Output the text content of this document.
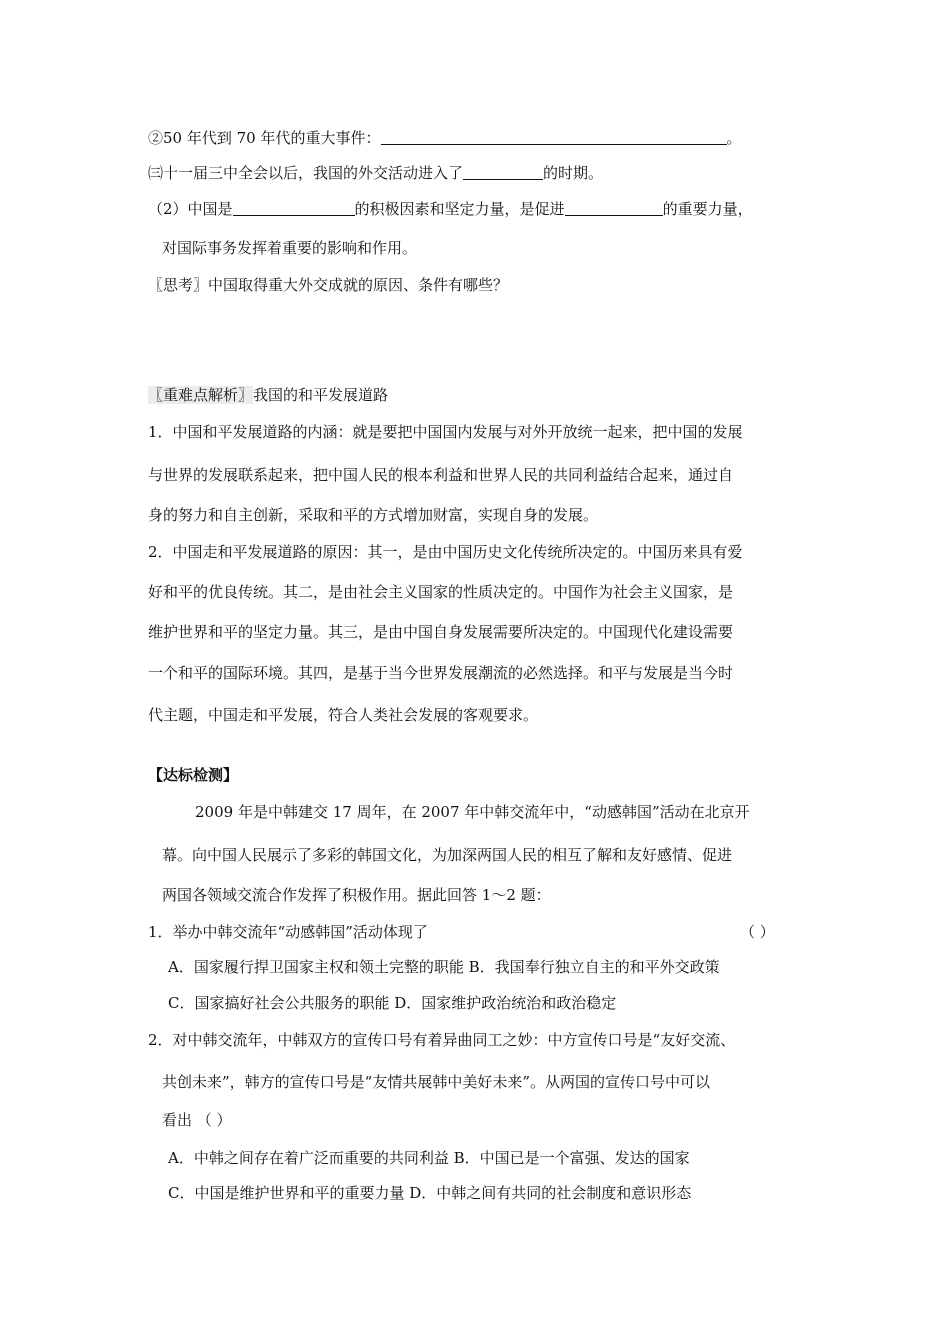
②50 年代到 70 年代的重大事件：	。
㈢十一届三中全会以后，我国的外交活动进入了	的时期。
（2）中国是	的积极因素和坚定力量，是促进	的重要力量，
对国际事务发挥着重要的影响和作用。
〖思考〗中国取得重大外交成就的原因、条件有哪些？
〖重难点解析〗我国的和平发展道路
1．中国和平发展道路的内涵：就是要把中国国内发展与对外开放统一起来，把中国的发展
与世界的发展联系起来，把中国人民的根本利益和世界人民的共同利益结合起来，通过自
身的努力和自主创新，采取和平的方式增加财富，实现自身的发展。
2．中国走和平发展道路的原因：其一，是由中国历史文化传统所决定的。中国历来具有爱
好和平的优良传统。其二，是由社会主义国家的性质决定的。中国作为社会主义国家，是
维护世界和平的坚定力量。其三，是由中国自身发展需要所决定的。中国现代化建设需要
一个和平的国际环境。其四，是基于当今世界发展潮流的必然选择。和平与发展是当今时
代主题，中国走和平发展，符合人类社会发展的客观要求。
【达标检测】
2009 年是中韩建交 17 周年，在 2007 年中韩交流年中，“动感韩国”活动在北京开
幕。向中国人民展示了多彩的韩国文化，为加深两国人民的相互了解和友好感情、促进
两国各领域交流合作发挥了积极作用。据此回答 1～2 题：
1．举办中韩交流年“动感韩国”活动体现了	（ ）
A．国家履行捍卫国家主权和领土完整的职能 B．我国奉行独立自主的和平外交政策
C．国家搞好社会公共服务的职能 D．国家维护政治统治和政治稳定
2．对中韩交流年，中韩双方的宣传口号有着异曲同工之妙：中方宣传口号是“友好交流、
共创未来”，韩方的宣传口号是“友情共展韩中美好未来”。从两国的宣传口号中可以
看出 （ ）
A．中韩之间存在着广泛而重要的共同利益 B．中国已是一个富强、发达的国家
C．中国是维护世界和平的重要力量 D．中韩之间有共同的社会制度和意识形态
